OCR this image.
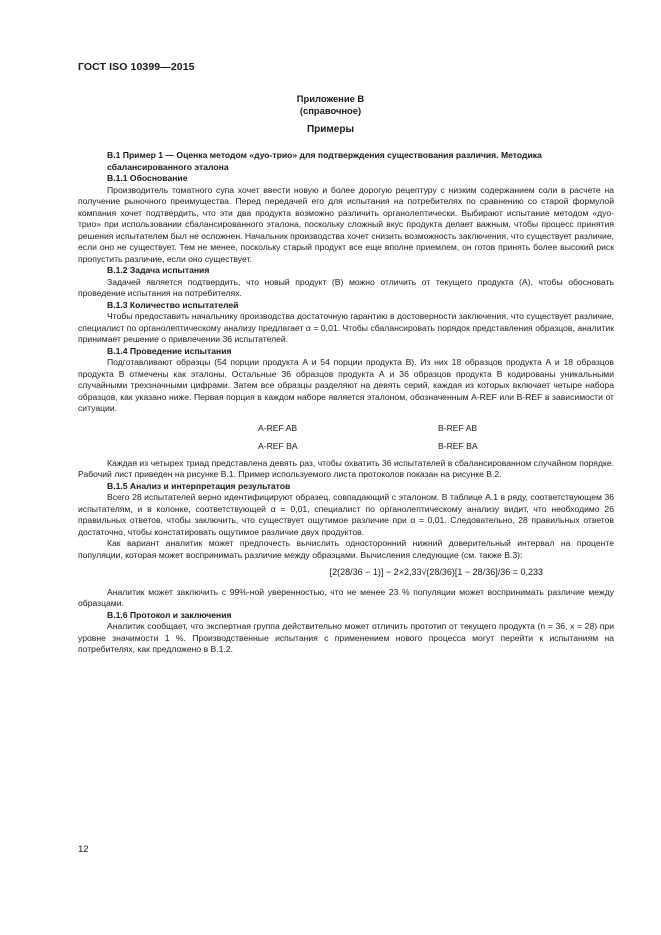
ГОСТ ISO 10399—2015
Приложение В
(справочное)
Примеры

В.1 Пример 1 — Оценка методом «дуо-трио» для подтверждения существования различия. Методика сбалансированного эталона

В.1.1 Обоснование

Производитель томатного супа хочет ввести новую и более дорогую рецептуру с низким содержанием соли в расчете на получение рыночного преимущества. Перед передачей его для испытания на потребителях по сравнению со старой формулой компания хочет подтвердить, что эти два продукта возможно различить органолептически. Выбирают испытание методом «дуо-трио» при использовании сбалансированного эталона, поскольку сложный вкус продукта делает важным, чтобы процесс принятия решения испытателем был не осложнен. Начальник производства хочет снизить возможность заключения, что существует различие, если оно не существует. Тем не менее, поскольку старый продукт все еще вполне приемлем, он готов принять более высокий риск пропустить различие, если оно существует.

В.1.2 Задача испытания

Задачей является подтвердить, что новый продукт (В) можно отличить от текущего продукта (А), чтобы обосновать проведение испытания на потребителях.

В.1.3 Количество испытателей

Чтобы предоставить начальнику производства достаточную гарантию в достоверности заключения, что существует различие, специалист по органолептическому анализу предлагает α = 0,01. Чтобы сбалансировать порядок представления образцов, аналитик принимает решение о привлечении 36 испытателей.

В.1.4 Проведение испытания

Подготавливают образцы (54 порции продукта А и 54 порции продукта В). Из них 18 образцов продукта А и 18 образцов продукта В отмечены как эталоны. Остальные 36 образцов продукта А и 36 образцов продукта В кодированы уникальными случайными трехзначными цифрами. Затем все образцы разделяют на девять серий, каждая из которых включает четыре набора образцов, как указано ниже. Первая порция в каждом наборе является эталоном, обозначенным A-REF или B-REF в зависимости от ситуации.

A-REF AB	B-REF AB
A-REF BA	B-REF BA

Каждая из четырех триад представлена девять раз, чтобы охватить 36 испытателей в сбалансированном случайном порядке. Рабочий лист приведен на рисунке В.1. Пример используемого листа протоколов показан на рисунке В.2.

В.1.5 Анализ и интерпретация результатов

Всего 28 испытателей верно идентифицируют образец, совпадающий с эталоном. В таблице А.1 в ряду, соответствующем 36 испытателям, и в колонке, соответствующей α = 0,01, специалист по органолептическому анализу видит, что необходимо 26 правильных ответов, чтобы заключить, что существует ощутимое различие при α = 0,01. Следовательно, 28 правильных ответов достаточно, чтобы констатировать ощутимое различие двух продуктов.

Как вариант аналитик может предпочесть вычислить односторонний нижний доверительный интервал на проценте популяции, которая может воспринимать различие между образцами. Вычисления следующие (см. также В.3):

[2(28/36 − 1)] − 2×2,33√(28/36)[1 − 28/36]/36 = 0,233

Аналитик может заключить с 99%-ной уверенностью, что не менее 23 % популяции может воспринимать различие между образцами.

В.1.6 Протокол и заключения

Аналитик сообщает, что экспертная группа действительно может отличить прототип от текущего продукта (n = 36, x = 28) при уровне значимости 1 %. Производственные испытания с применением нового процесса могут перейти к испытаниям на потребителях, как предложено в В.1.2.

12
